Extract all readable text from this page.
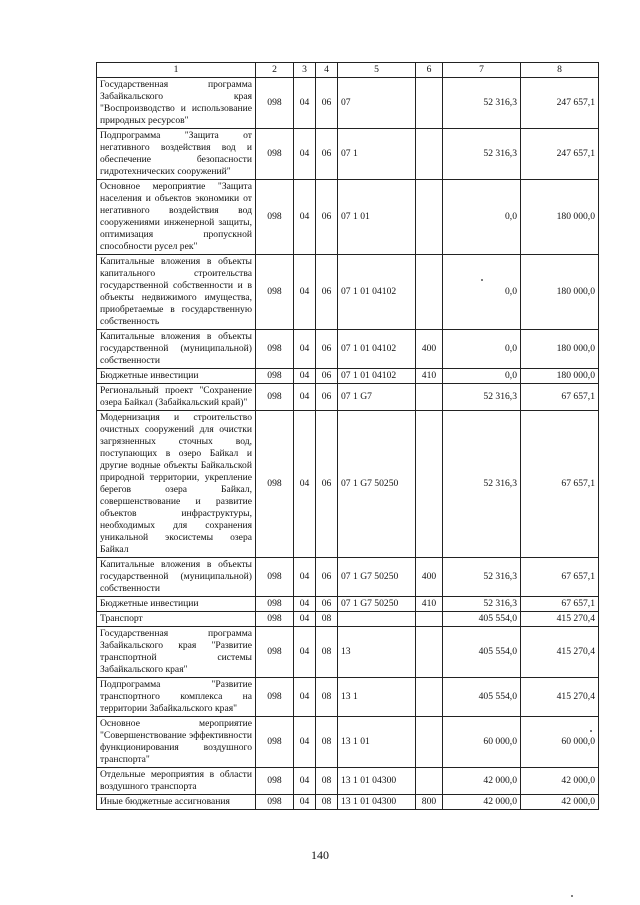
1	2	3	4	5	6	7	8
Государственная программа Забайкальского края "Воспроизводство и использование природных ресурсов"	098	04	06	07		52 316,3	247 657,1
Подпрограмма "Защита от негативного воздействия вод и обеспечение безопасности гидротехнических сооружений"	098	04	06	07 1		52 316,3	247 657,1
Основное мероприятие "Защита населения и объектов экономики от негативного воздействия вод сооружениями инженерной защиты, оптимизация пропускной способности русел рек"	098	04	06	07 1 01		0,0	180 000,0
Капитальные вложения в объекты капитального строительства государственной собственности и в объекты недвижимого имущества, приобретаемые в государственную собственность	098	04	06	07 1 01 04102		0,0	180 000,0
Капитальные вложения в объекты государственной (муниципальной) собственности	098	04	06	07 1 01 04102	400	0,0	180 000,0
Бюджетные инвестиции	098	04	06	07 1 01 04102	410	0,0	180 000,0
Региональный проект "Сохранение озера Байкал (Забайкальский край)"	098	04	06	07 1 G7		52 316,3	67 657,1
Модернизация и строительство очистных сооружений для очистки загрязненных сточных вод, поступающих в озеро Байкал и другие водные объекты Байкальской природной территории, укрепление берегов озера Байкал, совершенствование и развитие объектов инфраструктуры, необходимых для сохранения уникальной экосистемы озера Байкал	098	04	06	07 1 G7 50250		52 316,3	67 657,1
Капитальные вложения в объекты государственной (муниципальной) собственности	098	04	06	07 1 G7 50250	400	52 316,3	67 657,1
Бюджетные инвестиции	098	04	06	07 1 G7 50250	410	52 316,3	67 657,1
Транспорт	098	04	08			405 554,0	415 270,4
Государственная программа Забайкальского края "Развитие транспортной системы Забайкальского края"	098	04	08	13		405 554,0	415 270,4
Подпрограмма "Развитие транспортного комплекса на территории Забайкальского края"	098	04	08	13 1		405 554,0	415 270,4
Основное мероприятие "Совершенствование эффективности функционирования воздушного транспорта"	098	04	08	13 1 01		60 000,0	60 000,0
Отдельные мероприятия в области воздушного транспорта	098	04	08	13 1 01 04300		42 000,0	42 000,0
Иные бюджетные ассигнования	098	04	08	13 1 01 04300	800	42 000,0	42 000,0
140
